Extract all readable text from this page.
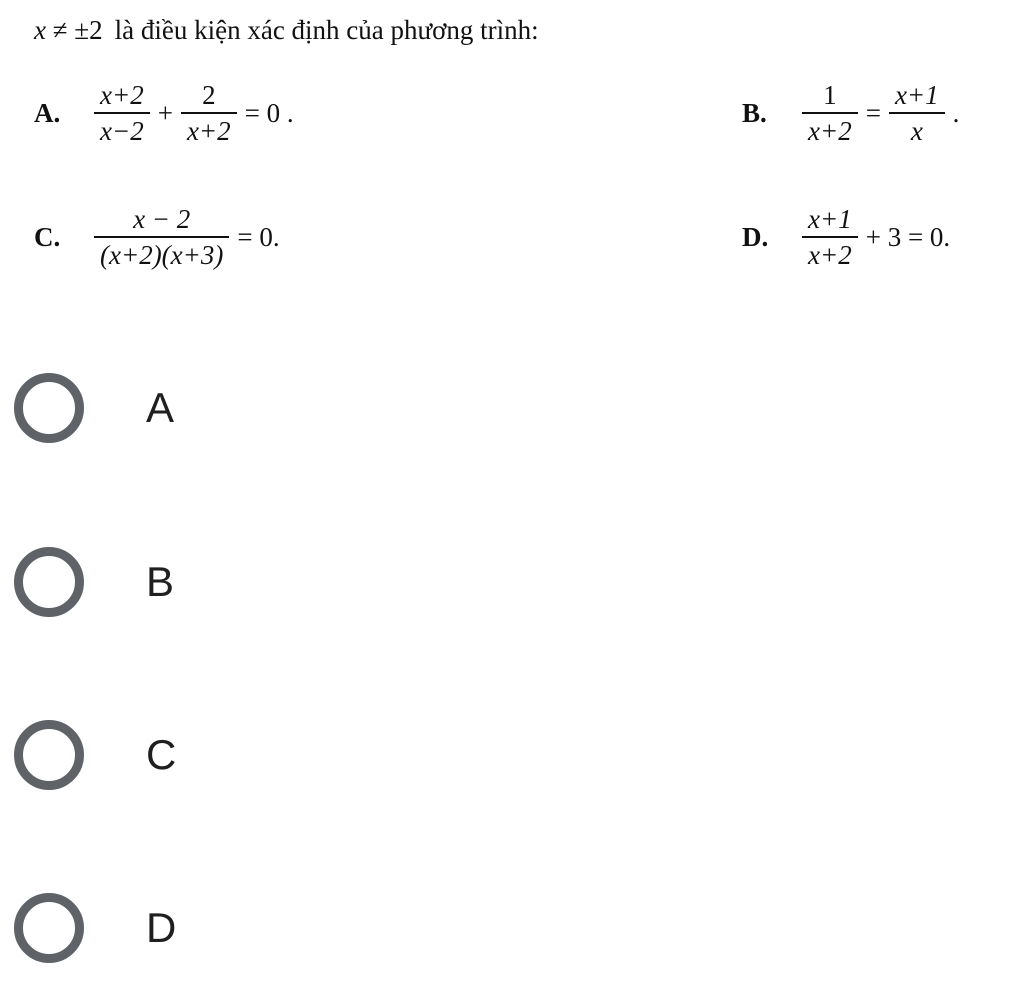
x ≠ ±2 là điều kiện xác định của phương trình:
A.	$\frac{x+2}{x-2} + \frac{2}{x+2} = 0$ .	B.	$\frac{1}{x+2} = \frac{x+1}{x}$ .
C.	$\frac{x - 2}{(x+2)(x+3)} = 0$.	D.	$\frac{x+1}{x+2} + 3 = 0$.
A
B
C
D
